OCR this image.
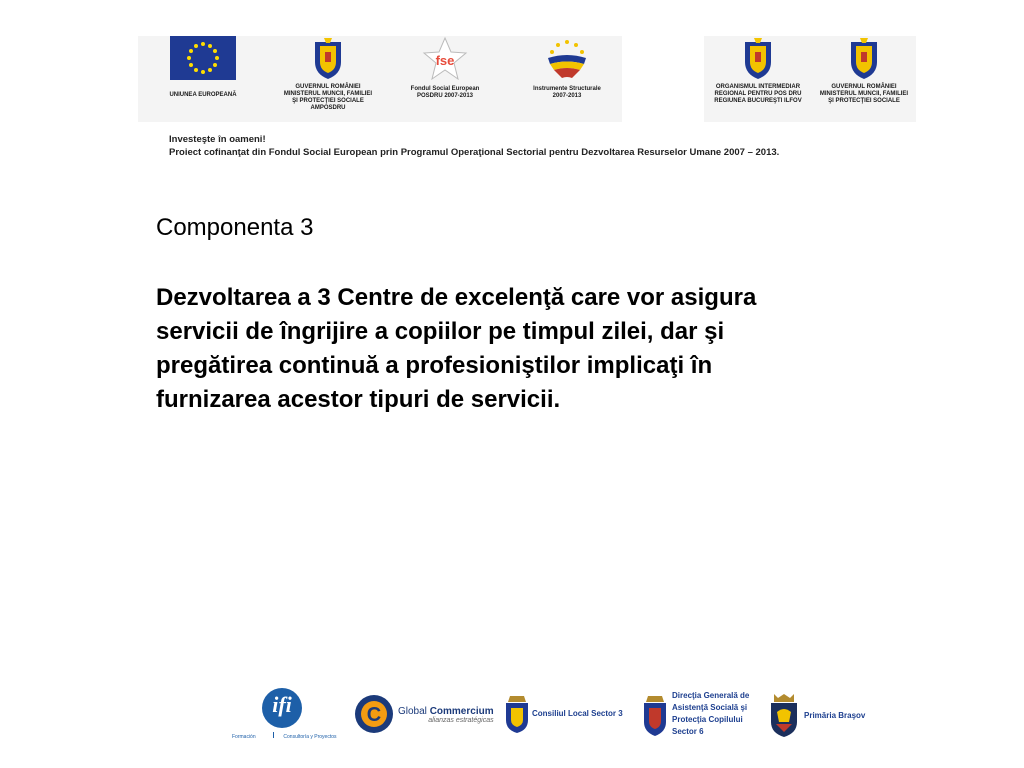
UNIUNEA EUROPEANĂ
GUVERNUL ROMÂNIEI
MINISTERUL MUNCII, FAMILIEI
ŞI PROTECŢIEI SOCIALE
AMPOSDRU
fse
Fondul Social European
POSDRU 2007-2013
Instrumente Structurale
2007-2013
ORGANISMUL INTERMEDIAR
REGIONAL PENTRU POS DRU
REGIUNEA BUCUREŞTI ILFOV
GUVERNUL ROMÂNIEI
MINISTERUL MUNCII, FAMILIEI
ŞI PROTECŢIEI SOCIALE
Investeşte în oameni!
Proiect cofinanţat din Fondul Social European prin Programul Operaţional Sectorial pentru Dezvoltarea Resurselor Umane 2007 – 2013.
Componenta 3
Dezvoltarea a 3 Centre de excelenţă care vor asigura
servicii de îngrijire a copiilor pe timpul zilei, dar şi
pregătirea continuă a profesioniştilor implicaţi în
furnizarea acestor tipuri de servicii.
ifi
Formación	Consultoría y Proyectos
C Global Commercium
alianzas estratégicas
Consiliul Local Sector 3
Direcţia Generală de
Asistenţă Socială şi
Protecţia Copilului
Sector 6
Primăria Braşov
